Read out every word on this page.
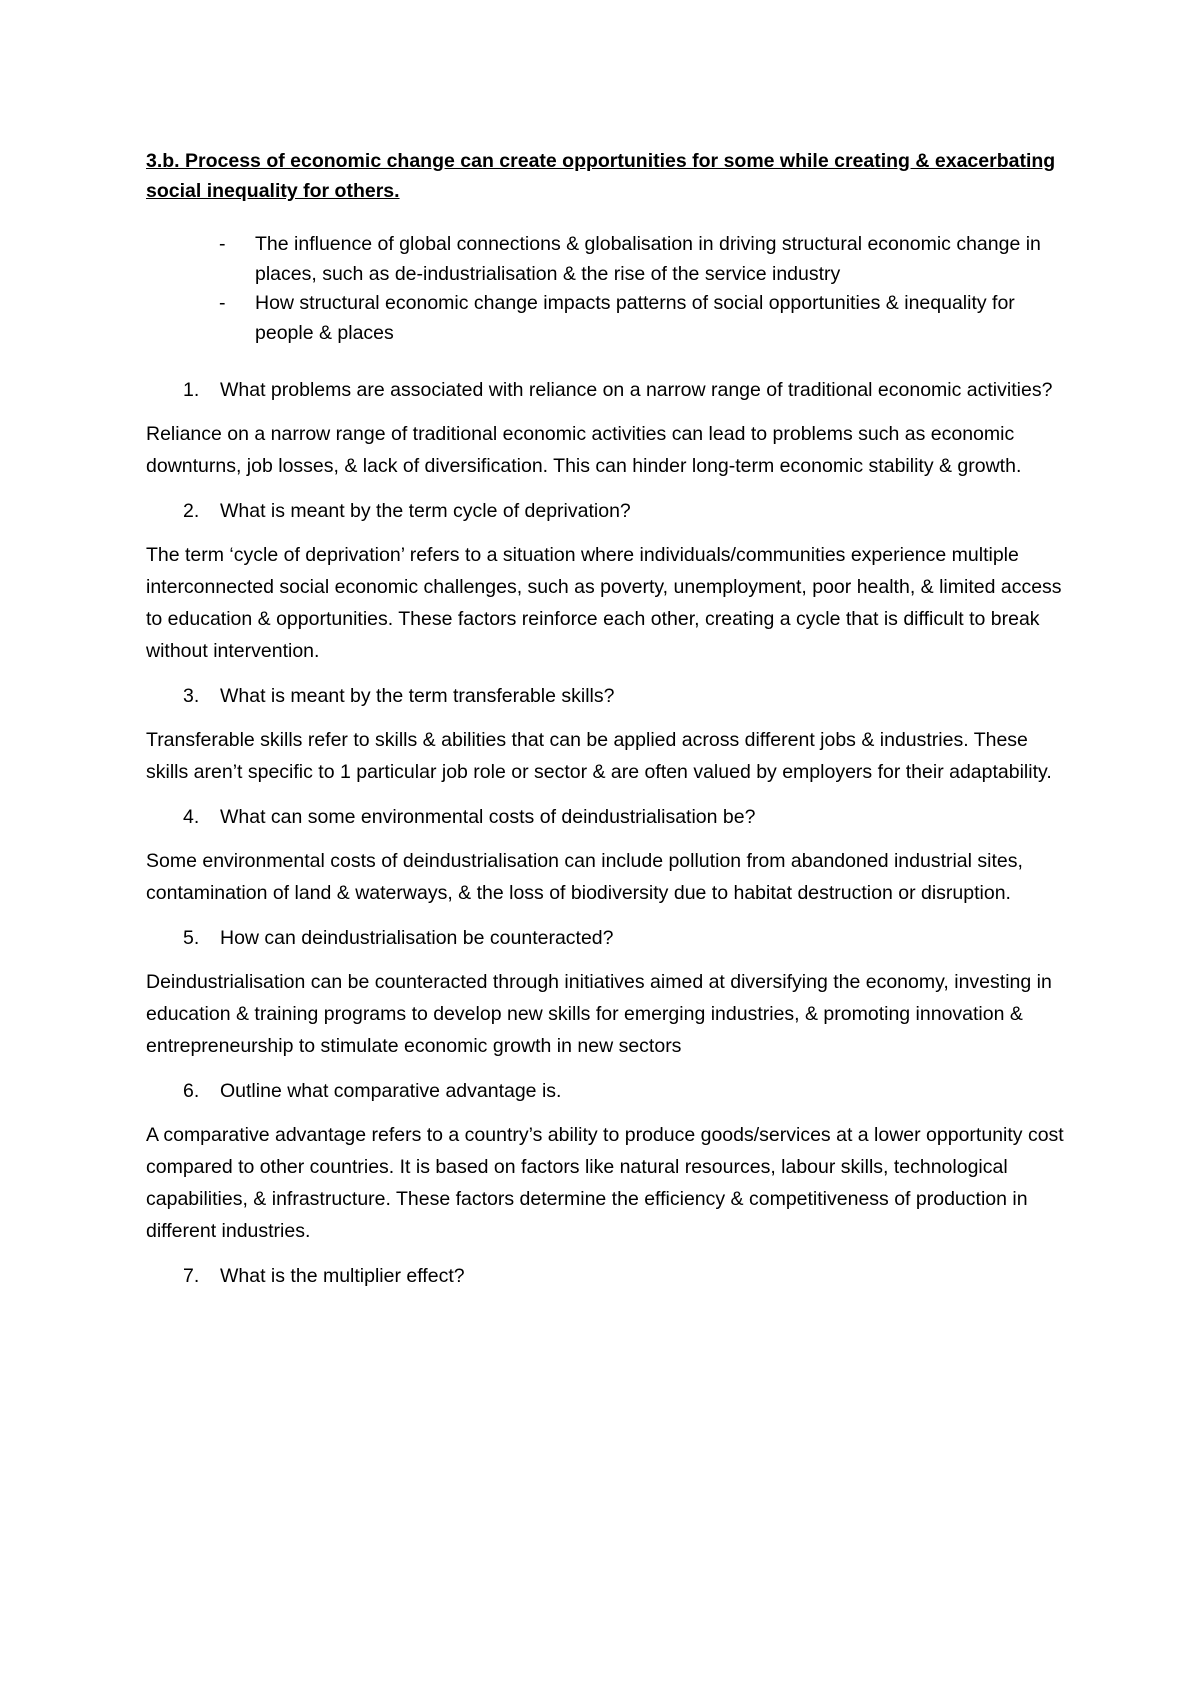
3.b. Process of economic change can create opportunities for some while creating & exacerbating social inequality for others.
- The influence of global connections & globalisation in driving structural economic change in places, such as de-industrialisation & the rise of the service industry
- How structural economic change impacts patterns of social opportunities & inequality for people & places
1. What problems are associated with reliance on a narrow range of traditional economic activities?

Reliance on a narrow range of traditional economic activities can lead to problems such as economic downturns, job losses, & lack of diversification. This can hinder long-term economic stability & growth.

2. What is meant by the term cycle of deprivation?

The term ‘cycle of deprivation’ refers to a situation where individuals/communities experience multiple interconnected social economic challenges, such as poverty, unemployment, poor health, & limited access to education & opportunities. These factors reinforce each other, creating a cycle that is difficult to break without intervention.

3. What is meant by the term transferable skills?

Transferable skills refer to skills & abilities that can be applied across different jobs & industries. These skills aren’t specific to 1 particular job role or sector & are often valued by employers for their adaptability.

4. What can some environmental costs of deindustrialisation be?

Some environmental costs of deindustrialisation can include pollution from abandoned industrial sites, contamination of land & waterways, & the loss of biodiversity due to habitat destruction or disruption.

5. How can deindustrialisation be counteracted?

Deindustrialisation can be counteracted through initiatives aimed at diversifying the economy, investing in education & training programs to develop new skills for emerging industries, & promoting innovation & entrepreneurship to stimulate economic growth in new sectors

6. Outline what comparative advantage is.

A comparative advantage refers to a country’s ability to produce goods/services at a lower opportunity cost compared to other countries. It is based on factors like natural resources, labour skills, technological capabilities, & infrastructure. These factors determine the efficiency & competitiveness of production in different industries.

7. What is the multiplier effect?
